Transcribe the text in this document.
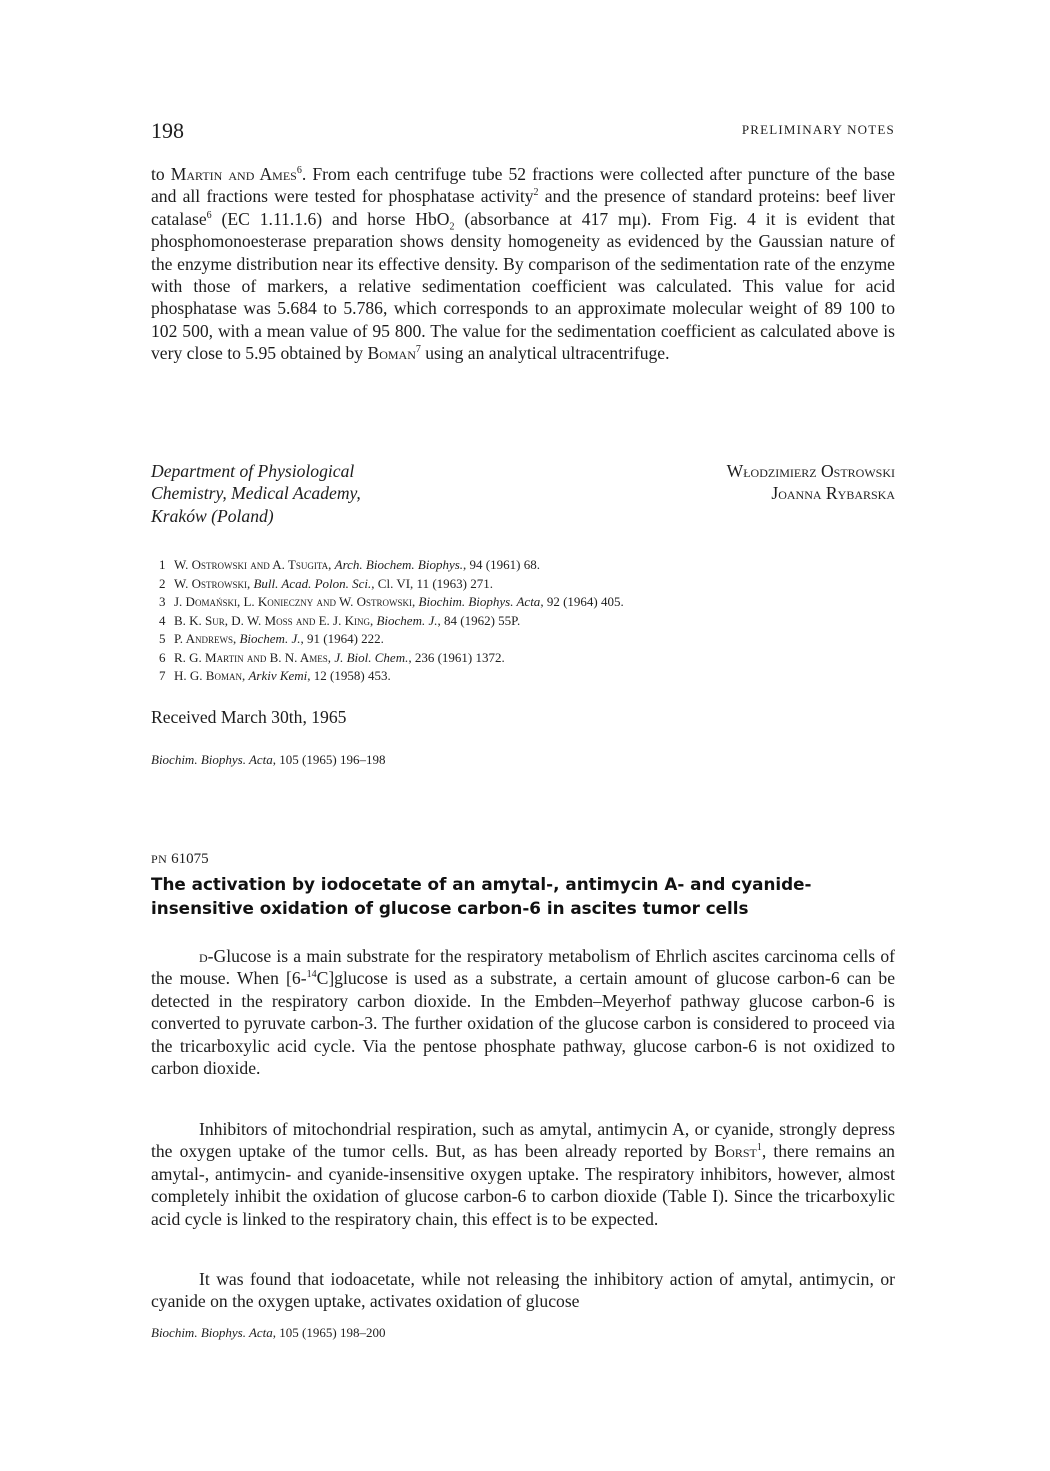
198	PRELIMINARY NOTES

to Martin and Ames$^6$. From each centrifuge tube 52 fractions were collected after puncture of the base and all fractions were tested for phosphatase activity$^2$ and the presence of standard proteins: beef liver catalase$^6$ (EC 1.11.1.6) and horse HbO$_2$ (absorbance at 417 mμ). From Fig. 4 it is evident that phosphomonoesterase preparation shows density homogeneity as evidenced by the Gaussian nature of the enzyme distribution near its effective density. By comparison of the sedimentation rate of the enzyme with those of markers, a relative sedimentation coefficient was calculated. This value for acid phosphatase was 5.684 to 5.786, which corresponds to an approximate molecular weight of 89 100 to 102 500, with a mean value of 95 800. The value for the sedimentation coefficient as calculated above is very close to 5.95 obtained by Boman$^7$ using an analytical ultracentrifuge.

Department of Physiological
Chemistry, Medical Academy,
Kraków (Poland)
Włodzimierz Ostrowski
Joanna Rybarska
1 W. Ostrowski and A. Tsugita, Arch. Biochem. Biophys., 94 (1961) 68.
2 W. Ostrowski, Bull. Acad. Polon. Sci., Cl. VI, 11 (1963) 271.
3 J. Domański, L. Konieczny and W. Ostrowski, Biochim. Biophys. Acta, 92 (1964) 405.
4 B. K. Sur, D. W. Moss and E. J. King, Biochem. J., 84 (1962) 55P.
5 P. Andrews, Biochem. J., 91 (1964) 222.
6 R. G. Martin and B. N. Ames, J. Biol. Chem., 236 (1961) 1372.
7 H. G. Boman, Arkiv Kemi, 12 (1958) 453.
Received March 30th, 1965
Biochim. Biophys. Acta, 105 (1965) 196–198
PN 61075
The activation by iodocetate of an amytal-, antimycin A- and cyanide-insensitive oxidation of glucose carbon-6 in ascites tumor cells

d-Glucose is a main substrate for the respiratory metabolism of Ehrlich ascites carcinoma cells of the mouse. When [6-$^{14}$C]glucose is used as a substrate, a certain amount of glucose carbon-6 can be detected in the respiratory carbon dioxide. In the Embden–Meyerhof pathway glucose carbon-6 is converted to pyruvate carbon-3. The further oxidation of the glucose carbon is considered to proceed via the tricarboxylic acid cycle. Via the pentose phosphate pathway, glucose carbon-6 is not oxidized to carbon dioxide.

Inhibitors of mitochondrial respiration, such as amytal, antimycin A, or cyanide, strongly depress the oxygen uptake of the tumor cells. But, as has been already reported by Borst$^1$, there remains an amytal-, antimycin- and cyanide-insensitive oxygen uptake. The respiratory inhibitors, however, almost completely inhibit the oxidation of glucose carbon-6 to carbon dioxide (Table I). Since the tricarboxylic acid cycle is linked to the respiratory chain, this effect is to be expected.

It was found that iodoacetate, while not releasing the inhibitory action of amytal, antimycin, or cyanide on the oxygen uptake, activates oxidation of glucose

Biochim. Biophys. Acta, 105 (1965) 198–200
